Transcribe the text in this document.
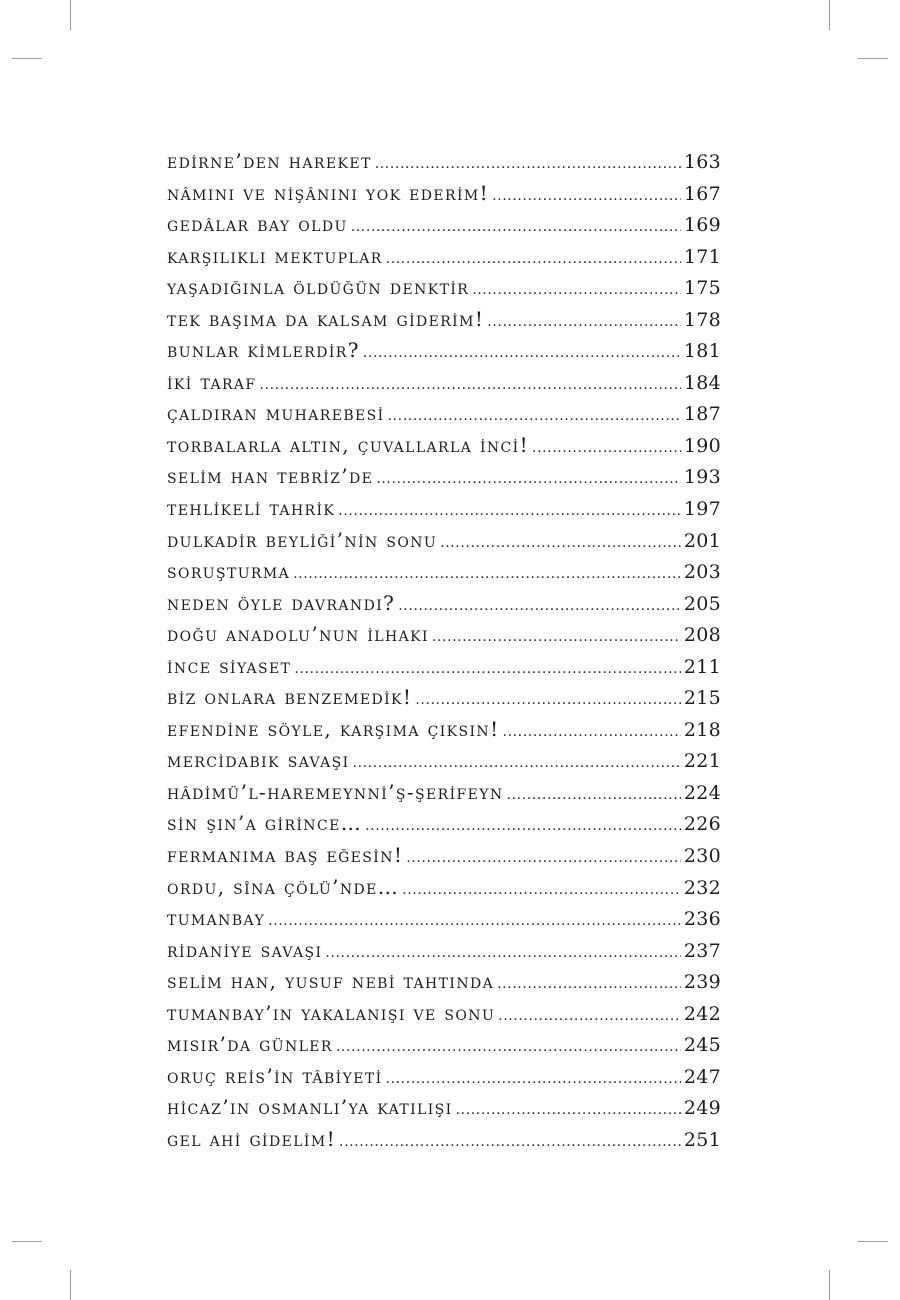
edi̇rne’den hareket .....	163
nâmini ve ni̇şânini yok ederi̇m! .....	167
gedâlar bay oldu .....	169
karşilikli mektuplar .....	171
yaşadiğinla öldüğün denkti̇r .....	175
tek başima da kalsam gi̇deri̇m! .....	178
bunlar ki̇mlerdi̇r? .....	181
i̇ki̇ taraf .....	184
çaldiran muharebesi̇ .....	187
torbalarla altin, çuvallarla i̇nci̇! .....	190
seli̇m han tebri̇z’de .....	193
tehli̇keli̇ tahri̇k .....	197
dulkadi̇r beyli̇ği̇’ni̇n sonu .....	201
soruşturma .....	203
neden öyle davrandi? .....	205
doğu anadolu’nun i̇lhaki .....	208
i̇nce si̇yaset .....	211
bi̇z onlara benzemedi̇k! .....	215
efendi̇ne söyle, karşima çiksin! .....	218
merci̇dabik savaşi .....	221
hâdi̇mü’l-haremeynni̇’ş-şeri̇feyn .....	224
si̇n şin’a gi̇ri̇nce… .....	226
fermanima baş eğesi̇n! .....	230
ordu, sîna çölü’nde… .....	232
tumanbay .....	236
ri̇dani̇ye savaşi .....	237
seli̇m han, yusuf nebi̇ tahtinda .....	239
tumanbay’in yakalanişi ve sonu .....	242
misir’da günler .....	245
oruç rei̇s’i̇n tâbi̇yeti̇ .....	247
hi̇caz’in osmanli’ya katilişi .....	249
gel ahi̇ gi̇deli̇m! .....	251
